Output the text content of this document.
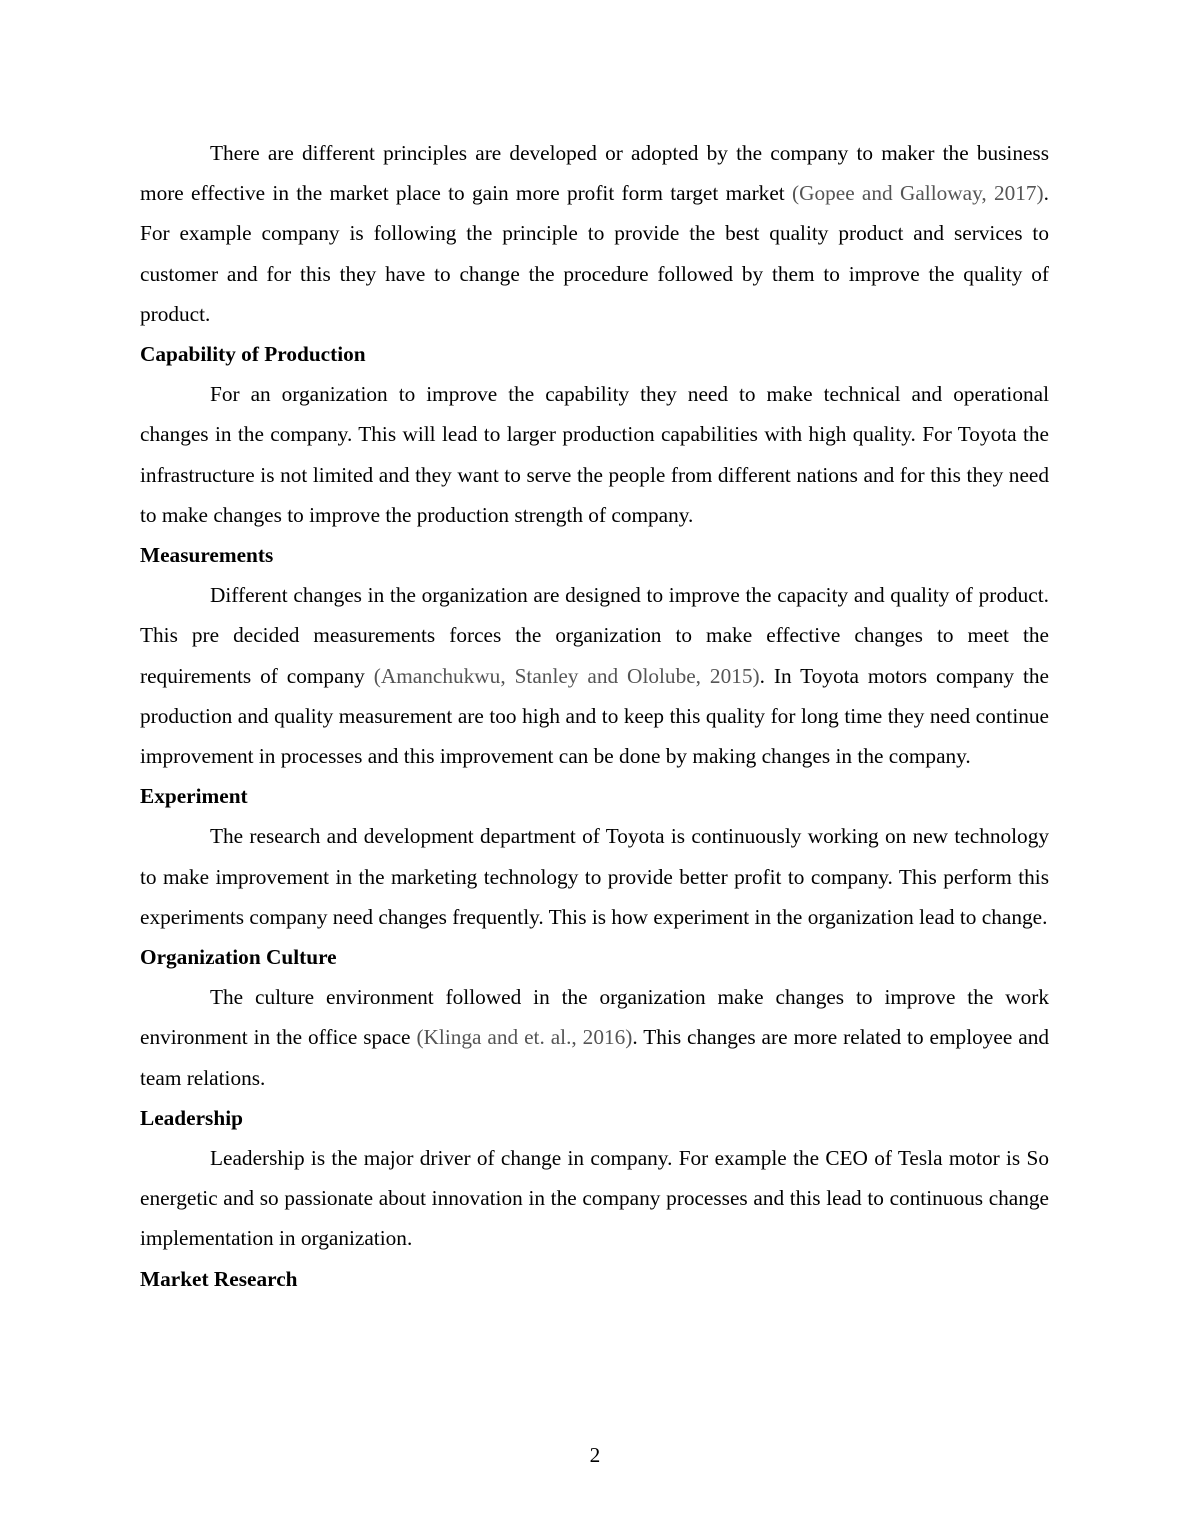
There are different principles are developed or adopted by the company to maker the business more effective in the market place to gain more profit form target market (Gopee and Galloway, 2017). For example company is following the principle to provide the best quality product and services to customer and for this they have to change the procedure followed by them to improve the quality of product.

Capability of Production

For an organization to improve the capability they need to make technical and operational changes in the company. This will lead to larger production capabilities with high quality. For Toyota the infrastructure is not limited and they want to serve the people from different nations and for this they need to make changes to improve the production strength of company.

Measurements

Different changes in the organization are designed to improve the capacity and quality of product. This pre decided measurements forces the organization to make effective changes to meet the requirements of company (Amanchukwu, Stanley and Ololube, 2015). In Toyota motors company the production and quality measurement are too high and to keep this quality for long time they need continue improvement in processes and this improvement can be done by making changes in the company.

Experiment

The research and development department of Toyota is continuously working on new technology to make improvement in the marketing technology to provide better profit to company. This perform this experiments company need changes frequently. This is how experiment in the organization lead to change.

Organization Culture

The culture environment followed in the organization make changes to improve the work environment in the office space (Klinga and et. al., 2016). This changes are more related to employee and team relations.

Leadership

Leadership is the major driver of change in company. For example the CEO of Tesla motor is So energetic and so passionate about innovation in the company processes and this lead to continuous change implementation in organization.

Market Research

2
